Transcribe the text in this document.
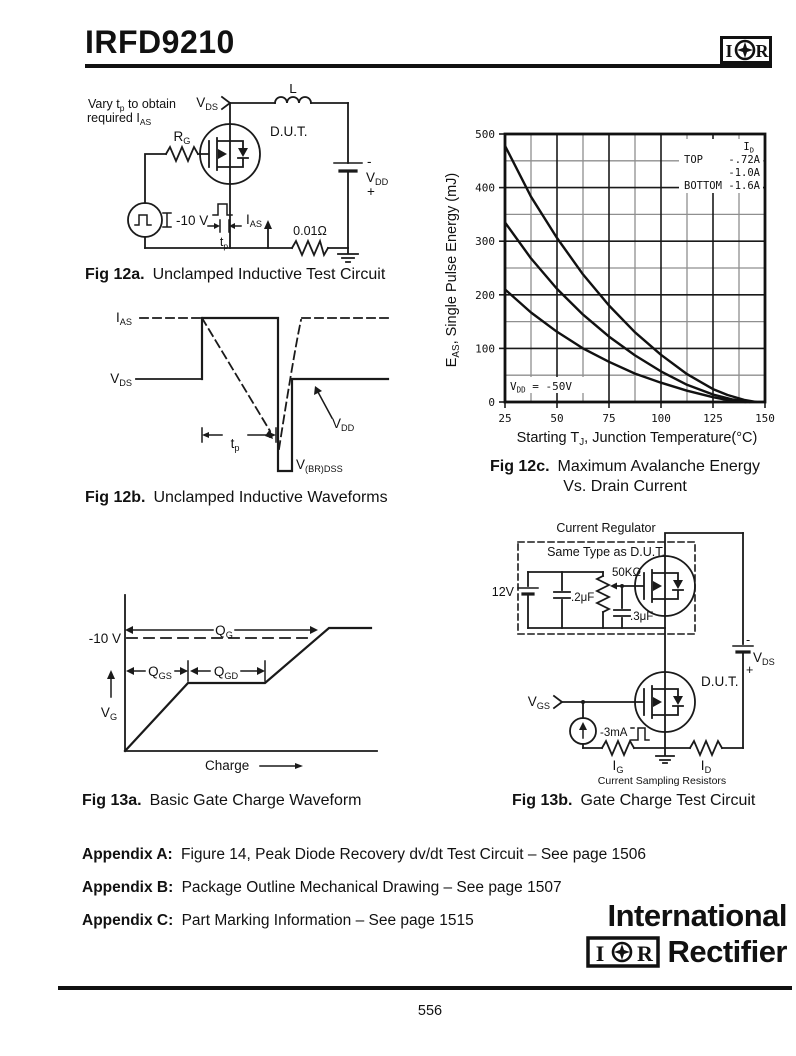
IRFD9210	I R
Vary $t_p$ to obtain
required $I_{AS}$
$V_{DS}$
L
D.U.T.
$R_G$
-10 V
$t_p$
$I_{AS}$ 0.01Ω
-
$V_{DD}$
+
Fig 12a. Unclamped Inductive Test Circuit
$I_{AS}$
$V_{DS}$
$t_p$
$V_{DD}$
$V_{(BR)DSS}$
Fig 12b. Unclamped Inductive Waveforms
25	50	75	100	125	150
0
100
200
300
400
500
$I_D$
TOP -.72A
-1.0A
BOTTOM -1.6A
$V_{DD} = -50V$
Starting $T_J$, Junction Temperature(°C)
$E_{AS}$, Single Pulse Energy (mJ)
Fig 12c. Maximum Avalanche Energy
Vs. Drain Current
-10 V
$Q_G$
$Q_{GS}$	$Q_{GD}$
$V_G$
Charge
Fig 13a. Basic Gate Charge Waveform
Current Regulator
Same Type as D.U.T.
12V	.2μF
50KΩ
.3μF
D.U.T.
$V_{GS}$
-3mA
$I_G$	$I_D$
Current Sampling Resistors
-
$V_{DS}$
+
Fig 13b. Gate Charge Test Circuit
Appendix A: Figure 14, Peak Diode Recovery dv/dt Test Circuit – See page 1506
Appendix B: Package Outline Mechanical Drawing – See page 1507
Appendix C: Part Marking Information – See page 1515	International
I R Rectifier
556
